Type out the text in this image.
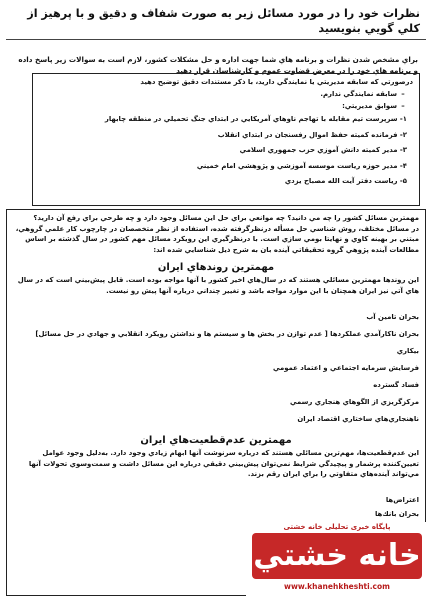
نظرات خود را در مورد مسائل زير به صورت شفاف و دقيق و با پرهيز از كلي گويي بنويسيد
براي مشخص شدن نظرات و برنامه هاي شما جهت اداره و حل مشكلات كشور، لازم است به سوالات زير پاسخ داده و برنامه هاي خود را در معرض قضاوت عموم و كارشناسان قرار دهيد
درصورتي كه سابقه مديريتي يا نمايندگي داريد، با ذكر مستندات دقيق توضيح دهيد
–سابقه نمايندگي ندارم.
–سوابق مديريتي:
۱- سرپرست تيم مقابله با تهاجم ناوهاي آمريكايي در ابتداي جنگ تحميلي در منطقه چابهار
۲- فرمانده كميته حفظ اموال رفسنجان در ابتداي انقلاب
۳- مدير كميته دانش آموزي حزب جمهوري اسلامي
۴- مدير حوزه رياست موسسه آموزشي و پژوهشي امام خميني
۵- رياست دفتر آيت الله مصباح يزدي
مهمترين مسائل كشور را چه مي دانيد؟ چه موانعي براي حل اين مسائل وجود دارد و چه طرحي براي رفع آن داريد؟
در مسائل مختلف، روش شناسي حل مسأله درنظرگرفته شده، استفاده از نظر متخصصان در چارچوب كار علمي گروهي، مبتني بر بهينه كاوي و نهايتا بومي سازي است. با درنظرگيري اين رويكرد مسائل مهم كشور در سال گذشته بر اساس مطالعات آينده پژوهي گروه تحقيقاتي آينده بان به شرح ذيل شناسايي شده اند:
مهمترين روندهاي ايران
اين روندها مهمترين مسائلي هستند كه در سال‌هاي اخير كشور با آنها مواجه بوده است. قابل پيش‌بيني است كه در سال هاي آتي نيز ايران همچنان با اين موارد مواجه باشد و تغيير چنداني درباره آنها پيش رو نيست.
بحران تامين آب
بحران ناكارآمدي عملكردها [ عدم توازن در بخش ها و سيستم ها و نداشتن رويكرد انقلابي و جهادي در حل مسائل]
بيكاري
فرسايش سرمايه اجتماعي و اعتماد عمومي
فساد گسترده
مركزگريزي از الگوهاي هنجاري رسمي
ناهنجاري‌هاي ساختاري اقتصاد ايران
مهمترين عدم‌قطعيت‌هاي ايران
اين عدم‌قطعيت‌ها، مهم‌ترين مسائلي هستند كه درباره سرنوشت آنها ابهام زيادي وجود دارد. به‌دليل وجود عوامل تعيين‌كننده پرشمار و پيچيدگي شرايط نمي‌توان پيش‌بيني دقيقي درباره اين مسائل داشت و سمت‌وسوي تحولات آنها مي‌تواند آينده‌هاي متفاوتي را براي ايران رقم بزند.
اعتراض‌ها
بحران بانك‌ها
پایگاه خبری تحلیلی خانه خشتی
خانه خشتي
www.khanehkheshti.com
